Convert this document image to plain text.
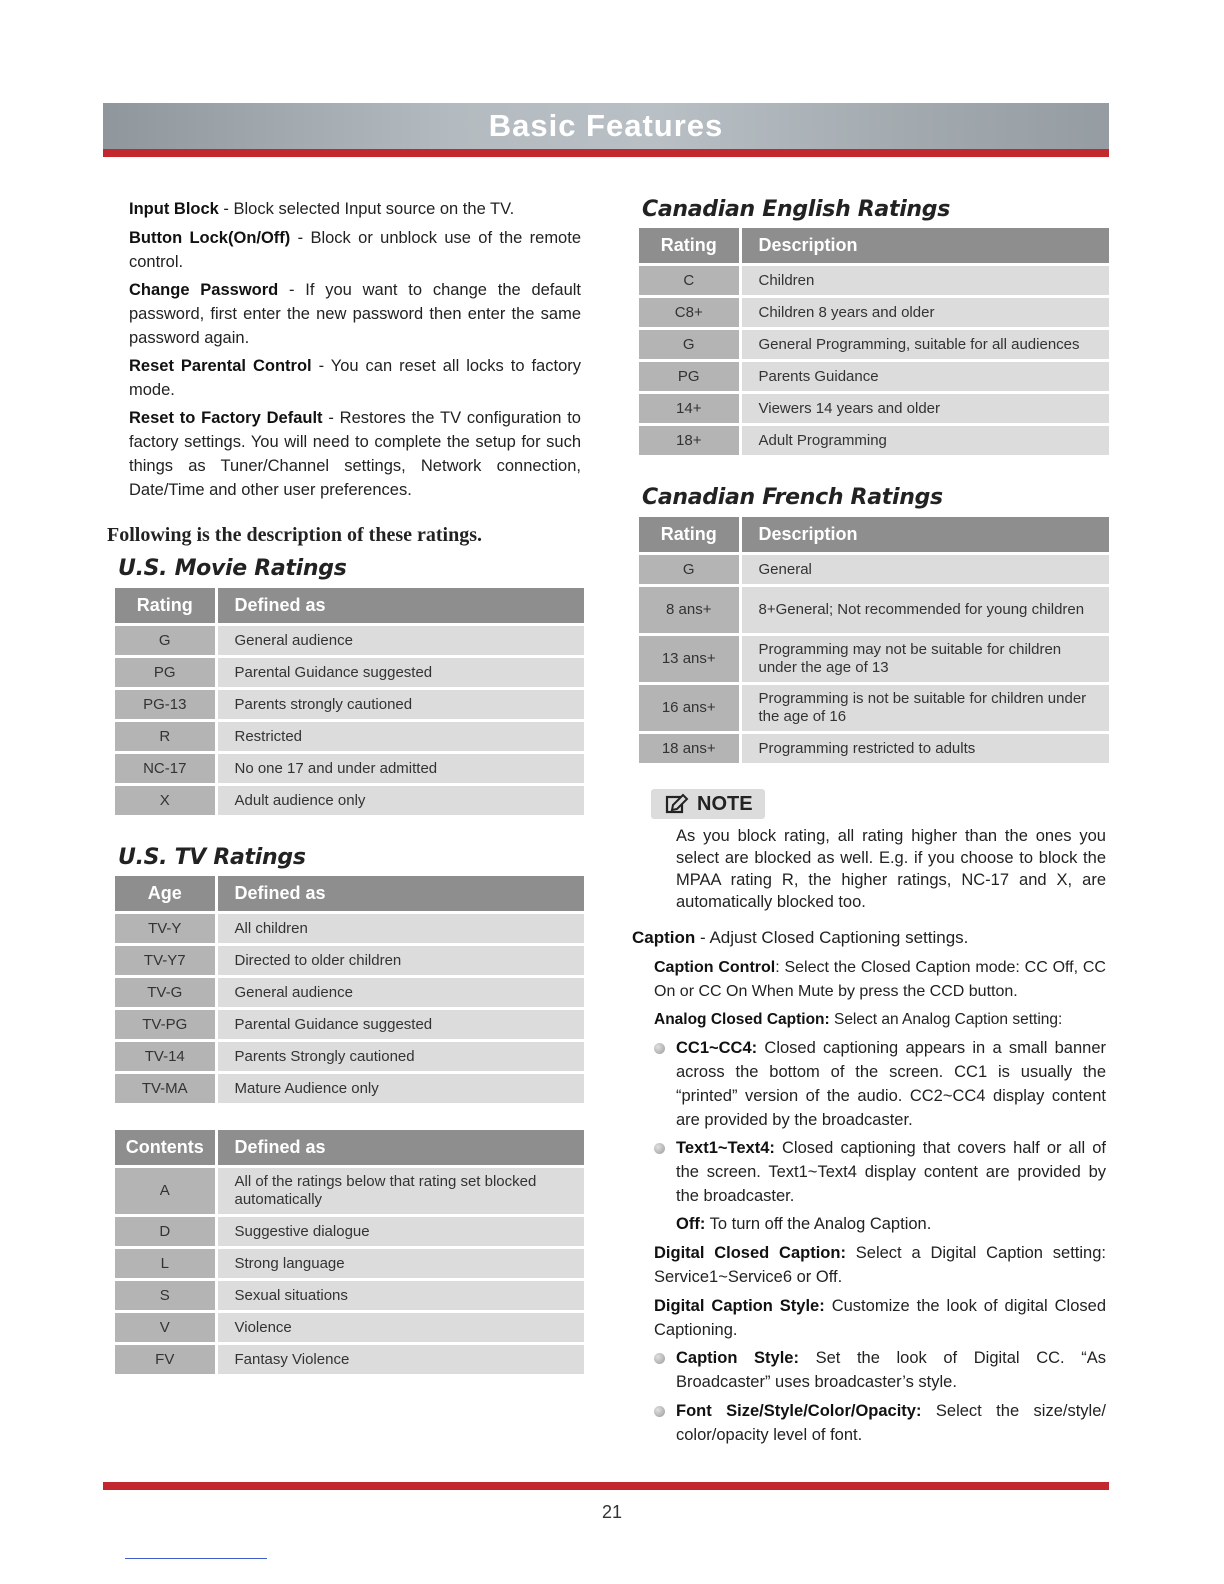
Basic Features
Input Block - Block selected Input source on the TV.
Button Lock(On/Off) - Block or unblock use of the remote control.
Change Password - If you want to change the default password, first enter the new password then enter the same password again.
Reset Parental Control - You can reset all locks to factory mode.
Reset to Factory Default - Restores the TV configuration to factory settings. You will need to complete the setup for such things as Tuner/Channel settings, Network connection, Date/Time and other user preferences.
Following is the description of these ratings.
U.S. Movie Ratings
Rating	Defined as
G	General audience
PG	Parental Guidance suggested
PG-13	Parents strongly cautioned
R	Restricted
NC-17	No one 17 and under admitted
X	Adult audience only
U.S. TV Ratings
Age	Defined as
TV-Y	All children
TV-Y7	Directed to older children
TV-G	General audience
TV-PG	Parental Guidance suggested
TV-14	Parents Strongly cautioned
TV-MA	Mature Audience only
Contents	Defined as
A	All of the ratings below that rating set blocked automatically
D	Suggestive dialogue
L	Strong language
S	Sexual situations
V	Violence
FV	Fantasy Violence
Canadian English Ratings
Rating	Description
C	Children
C8+	Children 8 years and older
G	General Programming, suitable for all audiences
PG	Parents Guidance
14+	Viewers 14 years and older
18+	Adult Programming
Canadian French Ratings
Rating	Description
G	General
8 ans+	8+General; Not recommended for young children
13 ans+	Programming may not be suitable for children under the age of 13
16 ans+	Programming is not be suitable for children under the age of 16
18 ans+	Programming restricted to adults
NOTE
As you block rating, all rating higher than the ones you select are blocked as well. E.g. if you choose to block the MPAA rating R, the higher ratings, NC-17 and X, are automatically blocked too.
Caption - Adjust Closed Captioning settings.
Caption Control: Select the Closed Caption mode: CC Off, CC On or CC On When Mute by press the CCD button.
Analog Closed Caption: Select an Analog Caption setting:
CC1~CC4: Closed captioning appears in a small banner across the bottom of the screen. CC1 is usually the “printed” version of the audio. CC2~CC4 display content are provided by the broadcaster.
Text1~Text4: Closed captioning that covers half or all of the screen. Text1~Text4 display content are provided by the broadcaster.
Off: To turn off the Analog Caption.
Digital Closed Caption: Select a Digital Caption setting: Service1~Service6 or Off.
Digital Caption Style: Customize the look of digital Closed Captioning.
Caption Style: Set the look of Digital CC. “As Broadcaster” uses broadcaster’s style.
Font Size/Style/Color/Opacity: Select the size/style/ color/opacity level of font.
21
